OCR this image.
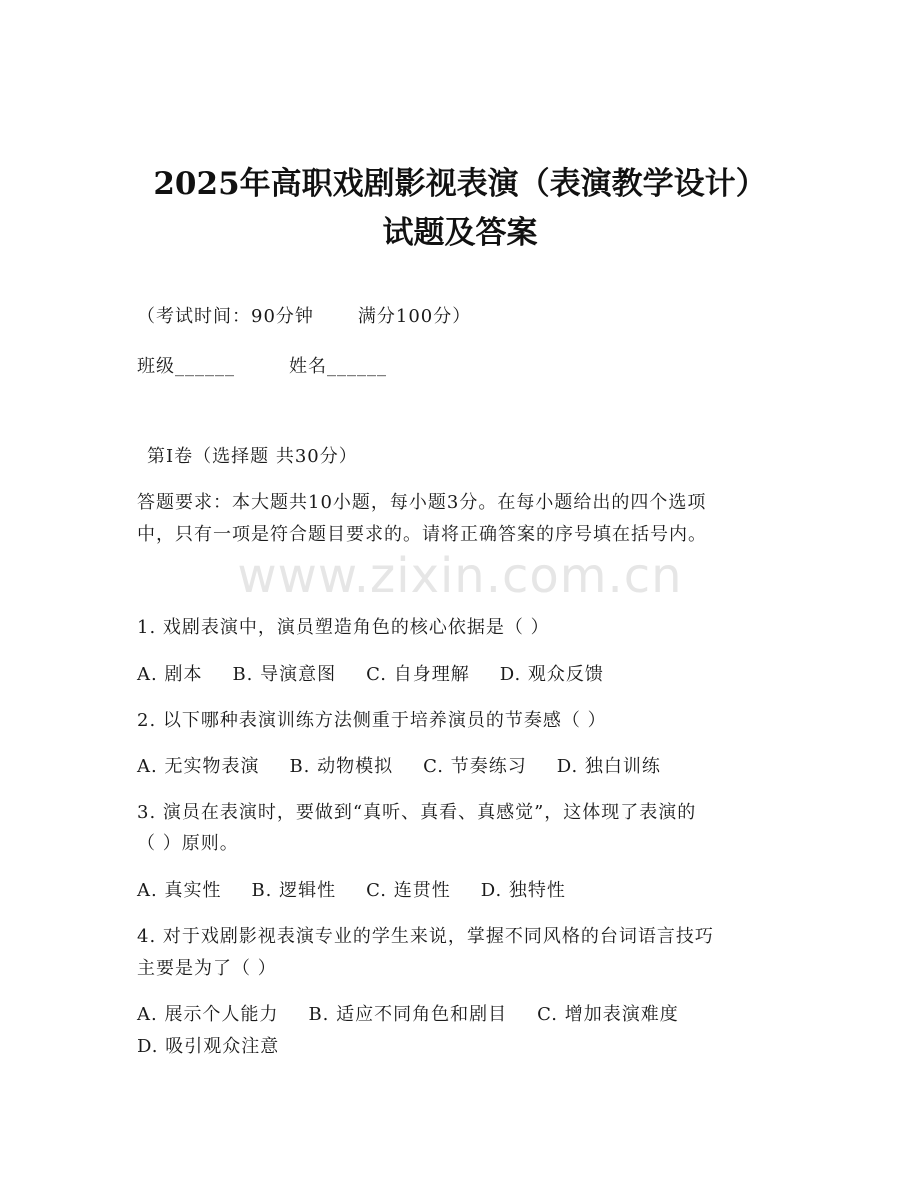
2025年高职戏剧影视表演（表演教学设计）
试题及答案
（考试时间：90分钟 满分100分）
班级______	姓名______
第Ⅰ卷（选择题 共30分）
答题要求：本大题共10小题，每小题3分。在每小题给出的四个选项
中，只有一项是符合题目要求的。请将正确答案的序号填在括号内。
www.zixin.com.cn
1. 戏剧表演中，演员塑造角色的核心依据是（ ）
A. 剧本 B. 导演意图 C. 自身理解 D. 观众反馈
2. 以下哪种表演训练方法侧重于培养演员的节奏感（ ）
A. 无实物表演 B. 动物模拟 C. 节奏练习 D. 独白训练
3. 演员在表演时，要做到“真听、真看、真感觉”，这体现了表演的
（ ）原则。
A. 真实性 B. 逻辑性 C. 连贯性 D. 独特性
4. 对于戏剧影视表演专业的学生来说，掌握不同风格的台词语言技巧
主要是为了（ ）
A. 展示个人能力 B. 适应不同角色和剧目 C. 增加表演难度
D. 吸引观众注意
